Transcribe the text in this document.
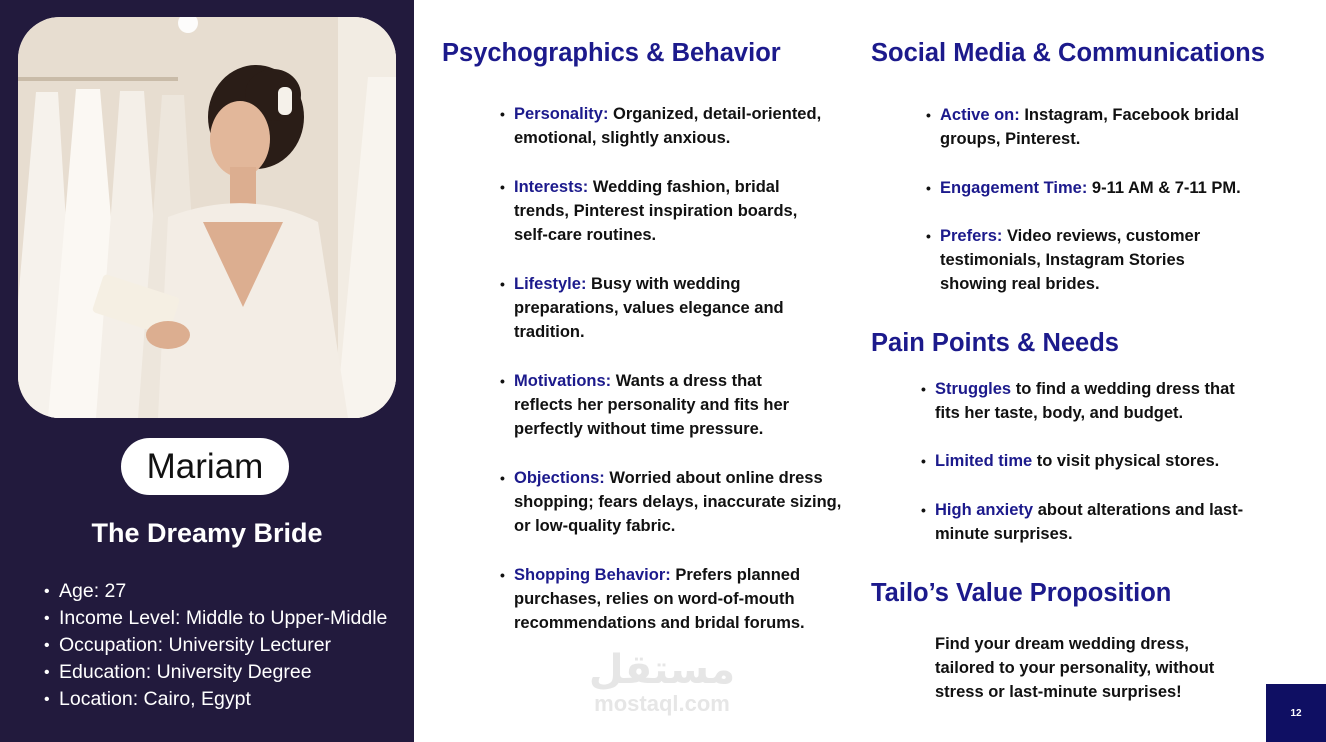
Mariam
The Dreamy Bride
• Age: 27
• Income Level: Middle to Upper-Middle
• Occupation: University Lecturer
• Education: University Degree
• Location: Cairo, Egypt
Psychographics & Behavior
• Personality: Organized, detail-oriented, emotional, slightly anxious.
• Interests: Wedding fashion, bridal trends, Pinterest inspiration boards, self-care routines.
• Lifestyle: Busy with wedding preparations, values elegance and tradition.
• Motivations: Wants a dress that reflects her personality and fits her perfectly without time pressure.
• Objections: Worried about online dress shopping; fears delays, inaccurate sizing, or low-quality fabric.
• Shopping Behavior: Prefers planned purchases, relies on word-of-mouth recommendations and bridal forums.
Social Media & Communications
• Active on: Instagram, Facebook bridal groups, Pinterest.
• Engagement Time: 9-11 AM & 7-11 PM.
• Prefers: Video reviews, customer testimonials, Instagram Stories showing real brides.
Pain Points & Needs
• Struggles to find a wedding dress that fits her taste, body, and budget.
• Limited time to visit physical stores.
• High anxiety about alterations and last-minute surprises.
Tailo’s Value Proposition
Find your dream wedding dress, tailored to your personality, without stress or last-minute surprises!
مستقل
mostaql.com	12
